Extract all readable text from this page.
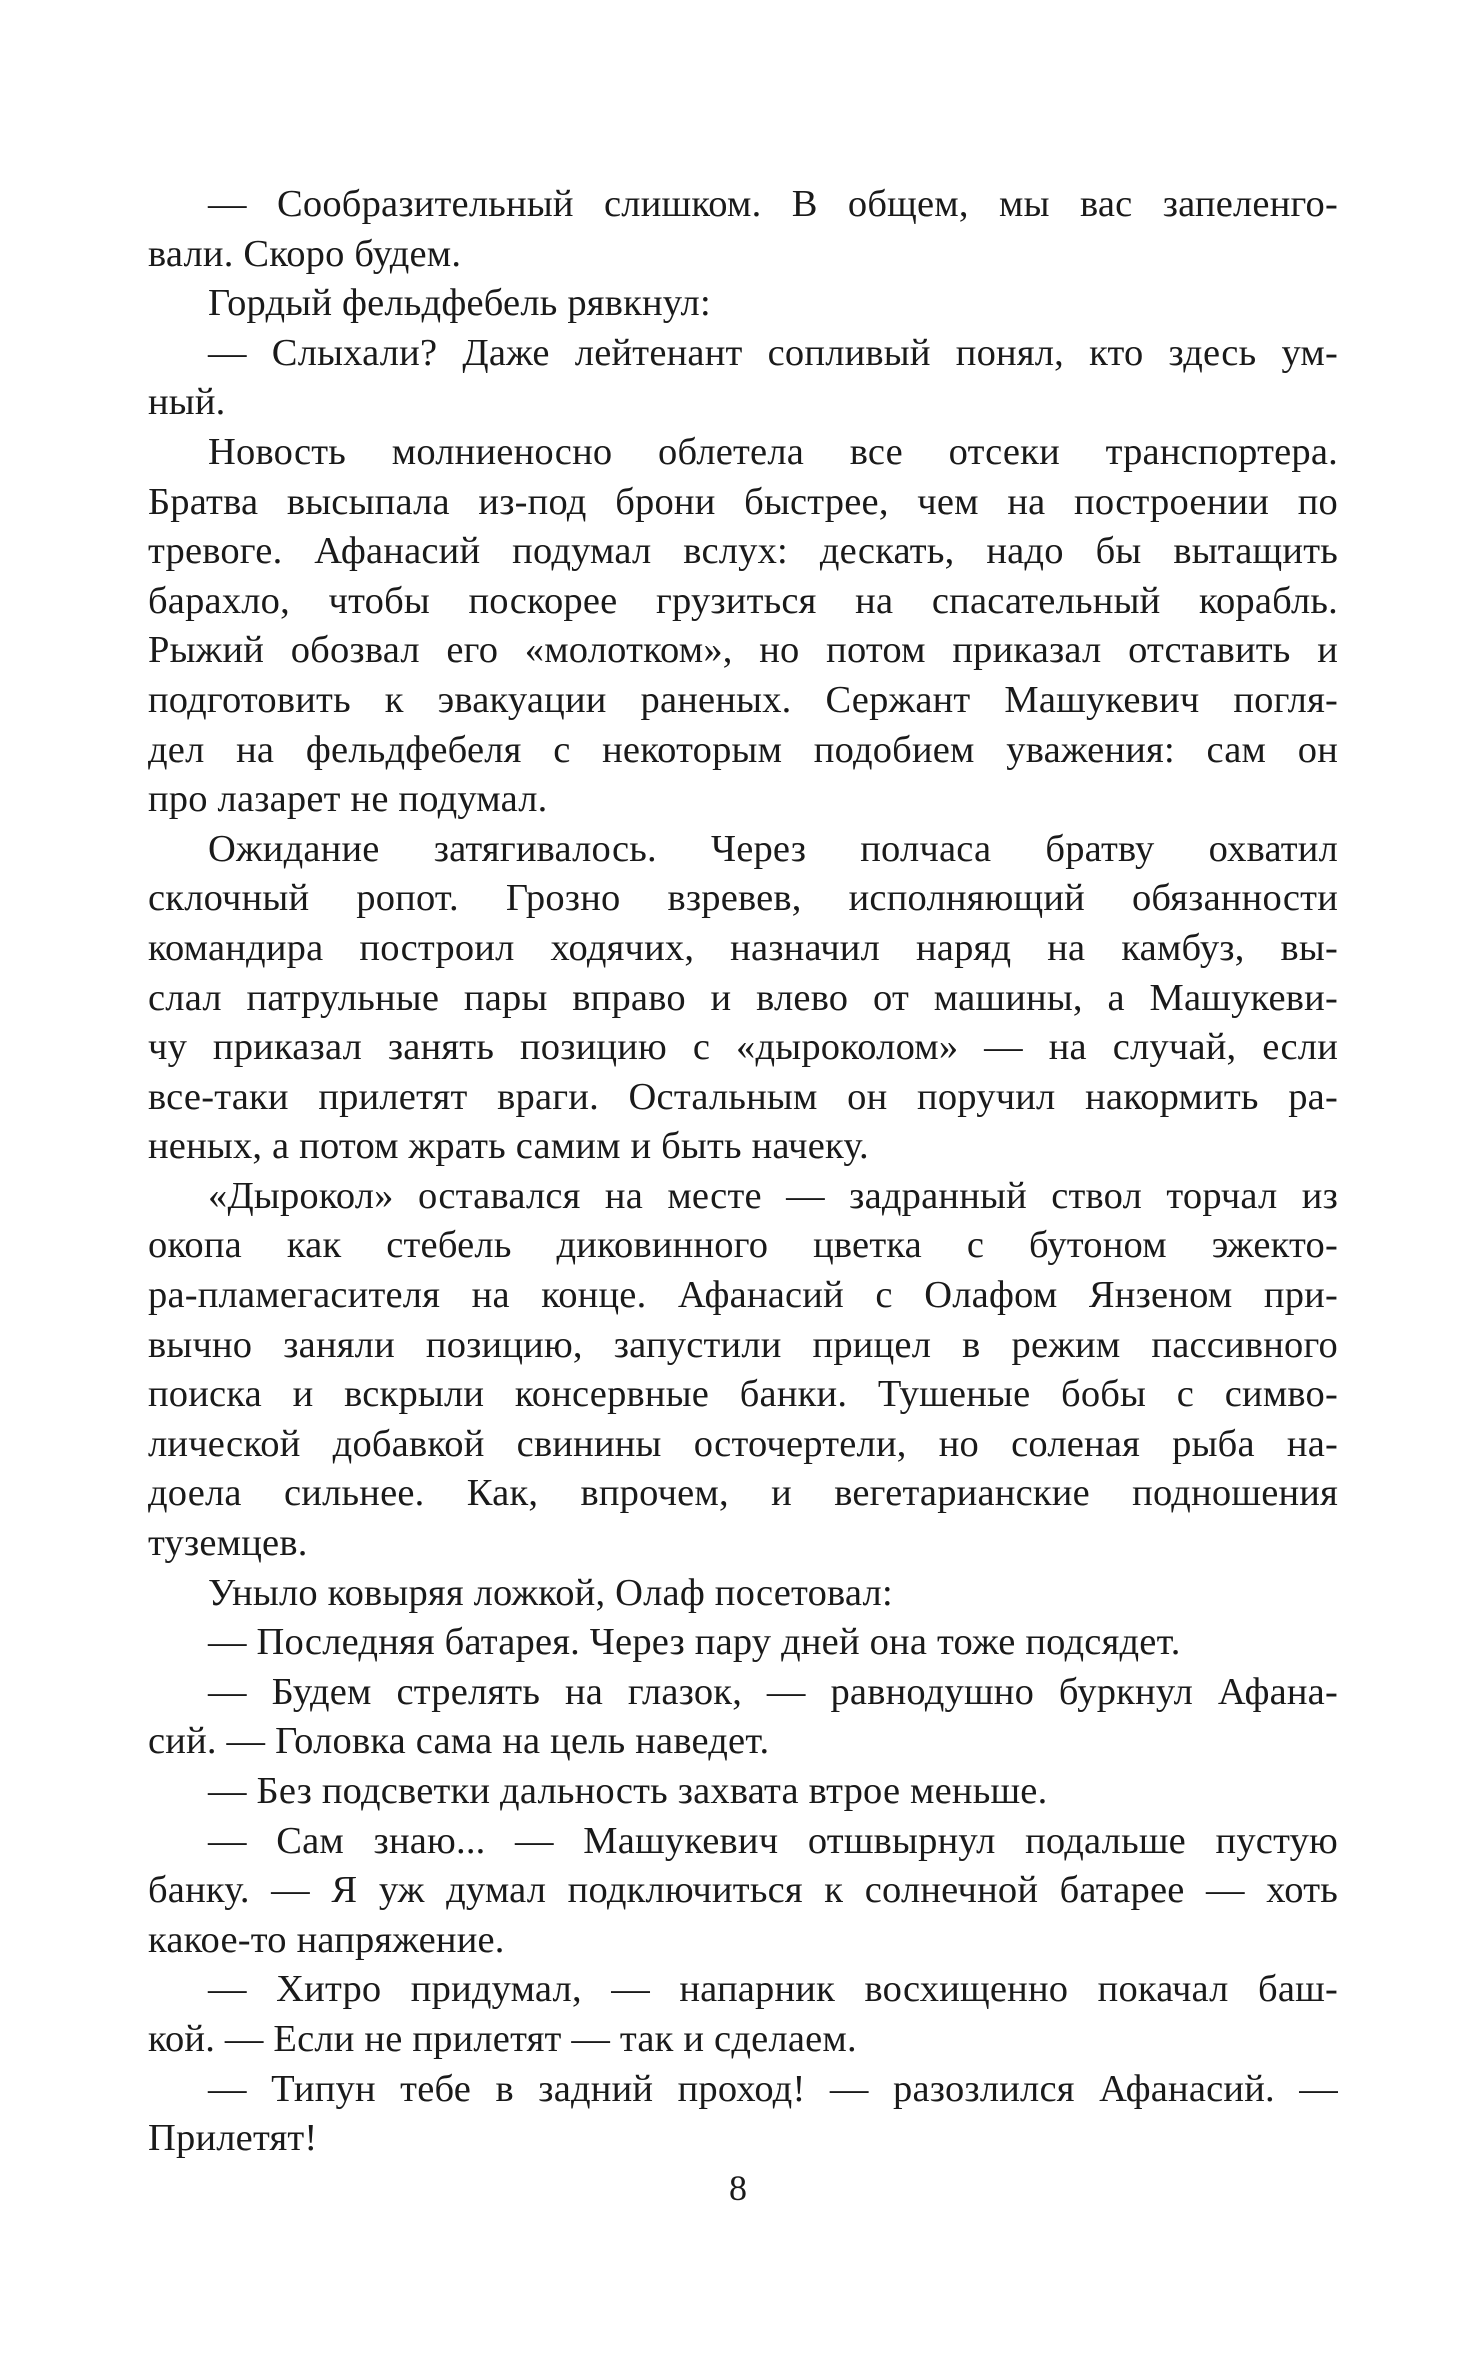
— Сообразительный слишком. В общем, мы вас запеленго-
вали. Скоро будем.
Гордый фельдфебель рявкнул:
— Слыхали? Даже лейтенант сопливый понял, кто здесь ум-
ный.
Новость молниеносно облетела все отсеки транспортера.
Братва высыпала из-под брони быстрее, чем на построении по
тревоге. Афанасий подумал вслух: дескать, надо бы вытащить
барахло, чтобы поскорее грузиться на спасательный корабль.
Рыжий обозвал его «молотком», но потом приказал отставить и
подготовить к эвакуации раненых. Сержант Машукевич погля-
дел на фельдфебеля с некоторым подобием уважения: сам он
про лазарет не подумал.
Ожидание затягивалось. Через полчаса братву охватил
склочный ропот. Грозно взревев, исполняющий обязанности
командира построил ходячих, назначил наряд на камбуз, вы-
слал патрульные пары вправо и влево от машины, а Машукеви-
чу приказал занять позицию с «дыроколом» — на случай, если
все-таки прилетят враги. Остальным он поручил накормить ра-
неных, а потом жрать самим и быть начеку.
«Дырокол» оставался на месте — задранный ствол торчал из
окопа как стебель диковинного цветка с бутоном эжекто-
ра-пламегасителя на конце. Афанасий с Олафом Янзеном при-
вычно заняли позицию, запустили прицел в режим пассивного
поиска и вскрыли консервные банки. Тушеные бобы с симво-
лической добавкой свинины осточертели, но соленая рыба на-
доела сильнее. Как, впрочем, и вегетарианские подношения
туземцев.
Уныло ковыряя ложкой, Олаф посетовал:
— Последняя батарея. Через пару дней она тоже подсядет.
— Будем стрелять на глазок, — равнодушно буркнул Афана-
сий. — Головка сама на цель наведет.
— Без подсветки дальность захвата втрое меньше.
— Сам знаю... — Машукевич отшвырнул подальше пустую
банку. — Я уж думал подключиться к солнечной батарее — хоть
какое-то напряжение.
— Хитро придумал, — напарник восхищенно покачал баш-
кой. — Если не прилетят — так и сделаем.
— Типун тебе в задний проход! — разозлился Афанасий. —
Прилетят!
8
